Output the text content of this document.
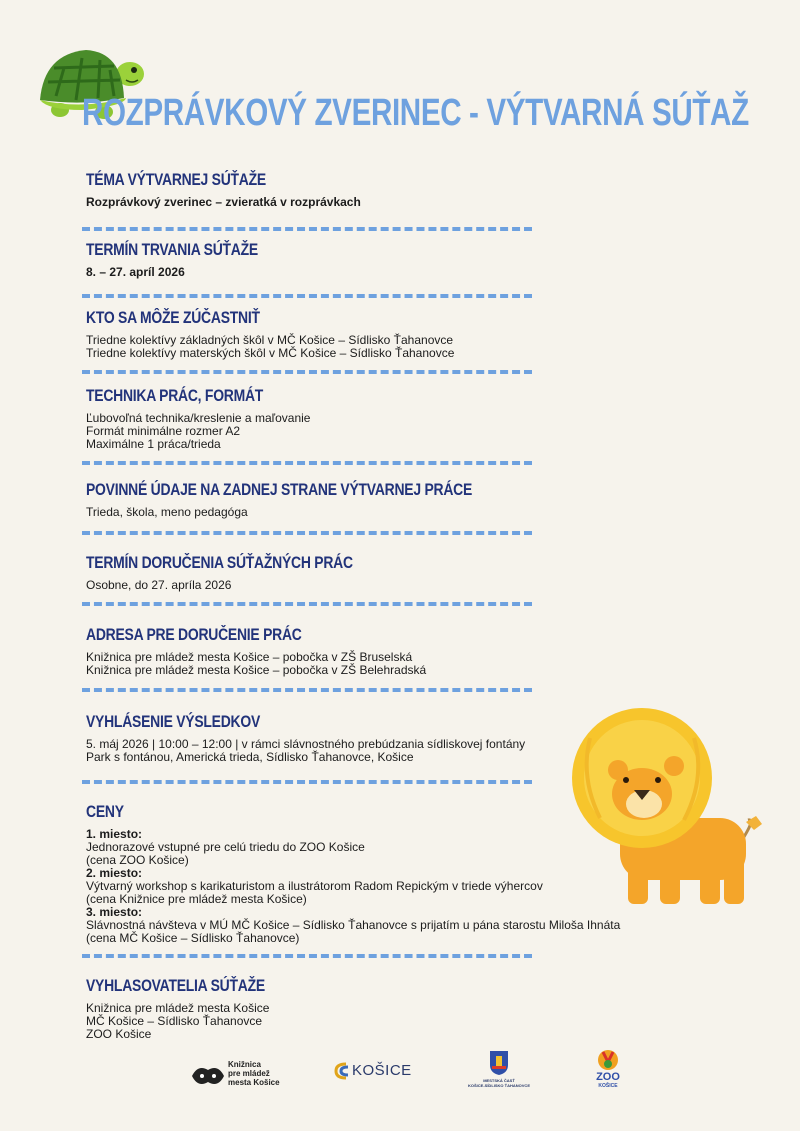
ROZPRÁVKOVÝ ZVERINEC - VÝTVARNÁ SÚŤAŽ
TÉMA VÝTVARNEJ SÚŤAŽE

Rozprávkový zverinec – zvieratká v rozprávkach

TERMÍN TRVANIA SÚŤAŽE

8. – 27. apríl 2026

KTO SA MÔŽE ZÚČASTNIŤ

Triedne kolektívy základných škôl v MČ Košice – Sídlisko Ťahanovce

Triedne kolektívy materských škôl v MČ Košice – Sídlisko Ťahanovce

TECHNIKA PRÁC, FORMÁT

Ľubovoľná technika/kreslenie a maľovanie

Formát minimálne rozmer A2

Maximálne 1 práca/trieda

POVINNÉ ÚDAJE NA ZADNEJ STRANE VÝTVARNEJ PRÁCE

Trieda, škola, meno pedagóga

TERMÍN DORUČENIA SÚŤAŽNÝCH PRÁC

Osobne, do 27. apríla 2026

ADRESA PRE DORUČENIE PRÁC

Knižnica pre mládež mesta Košice – pobočka v ZŠ Bruselská

Knižnica pre mládež mesta Košice – pobočka v ZŠ Belehradská

VYHLÁSENIE VÝSLEDKOV

5. máj 2026 | 10:00 – 12:00 | v rámci slávnostného prebúdzania sídliskovej fontány

Park s fontánou, Americká trieda, Sídlisko Ťahanovce, Košice

CENY

1. miesto:

Jednorazové vstupné pre celú triedu do ZOO Košice

(cena ZOO Košice)

2. miesto:

Výtvarný workshop s karikaturistom a ilustrátorom Radom Repickým v triede výhercov

(cena Knižnice pre mládež mesta Košice)

3. miesto:

Slávnostná návšteva v MÚ MČ Košice – Sídlisko Ťahanovce s prijatím u pána starostu Miloša Ihnáta

(cena MČ Košice – Sídlisko Ťahanovce)

VYHLASOVATELIA SÚŤAŽE

Knižnica pre mládež mesta Košice

MČ Košice – Sídlisko Ťahanovce

ZOO Košice

Knižnica
pre mládež
mesta Košice
KOŠICE
MESTSKÁ ČASŤ
KOŠICE-SÍDLISKO ŤAHANOVCE
ZOO
KOŠICE
